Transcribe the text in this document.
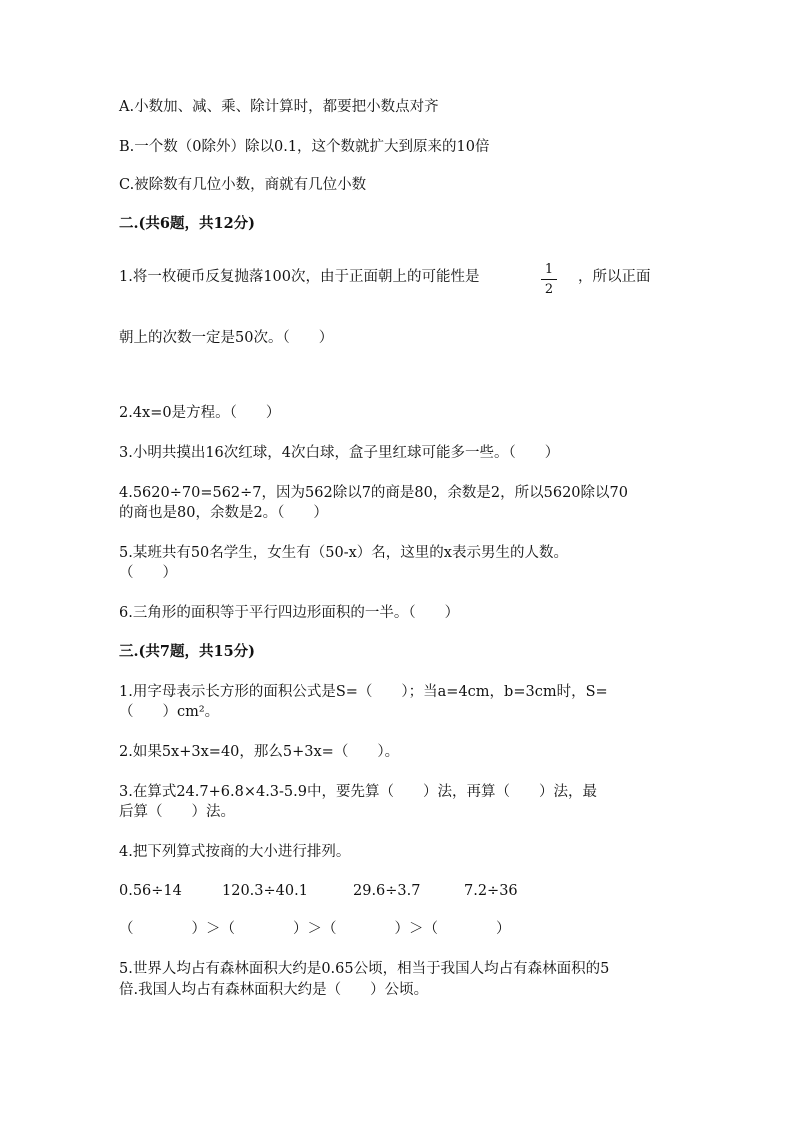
A.小数加、减、乘、除计算时，都要把小数点对齐
B.一个数（0除外）除以0.1，这个数就扩大到原来的10倍
C.被除数有几位小数，商就有几位小数
二.(共6题，共12分)
1.将一枚硬币反复抛落100次，由于正面朝上的可能性是	1
2
，所以正面
朝上的次数一定是50次。（　　）
2.4x=0是方程。（　　）
3.小明共摸出16次红球，4次白球，盒子里红球可能多一些。（　　）
4.5620÷70=562÷7，因为562除以7的商是80，余数是2，所以5620除以70
的商也是80，余数是2。（　　）
5.某班共有50名学生，女生有（50-x）名，这里的x表示男生的人数。
（　　）
6.三角形的面积等于平行四边形面积的一半。（　　）
三.(共7题，共15分)
1.用字母表示长方形的面积公式是S=（　　）；当a=4cm，b=3cm时，S=
（　　）cm²。
2.如果5x+3x=40，那么5+3x=（　　）。
3.在算式24.7+6.8×4.3-5.9中，要先算（　　）法，再算（　　）法，最
后算（　　）法。
4.把下列算式按商的大小进行排列。
0.56÷14	120.3÷40.1	29.6÷3.7	7.2÷36
（　　　　）＞（　　　　）＞（　　　　）＞（　　　　）
5.世界人均占有森林面积大约是0.65公顷，相当于我国人均占有森林面积的5
倍.我国人均占有森林面积大约是（　　）公顷。
